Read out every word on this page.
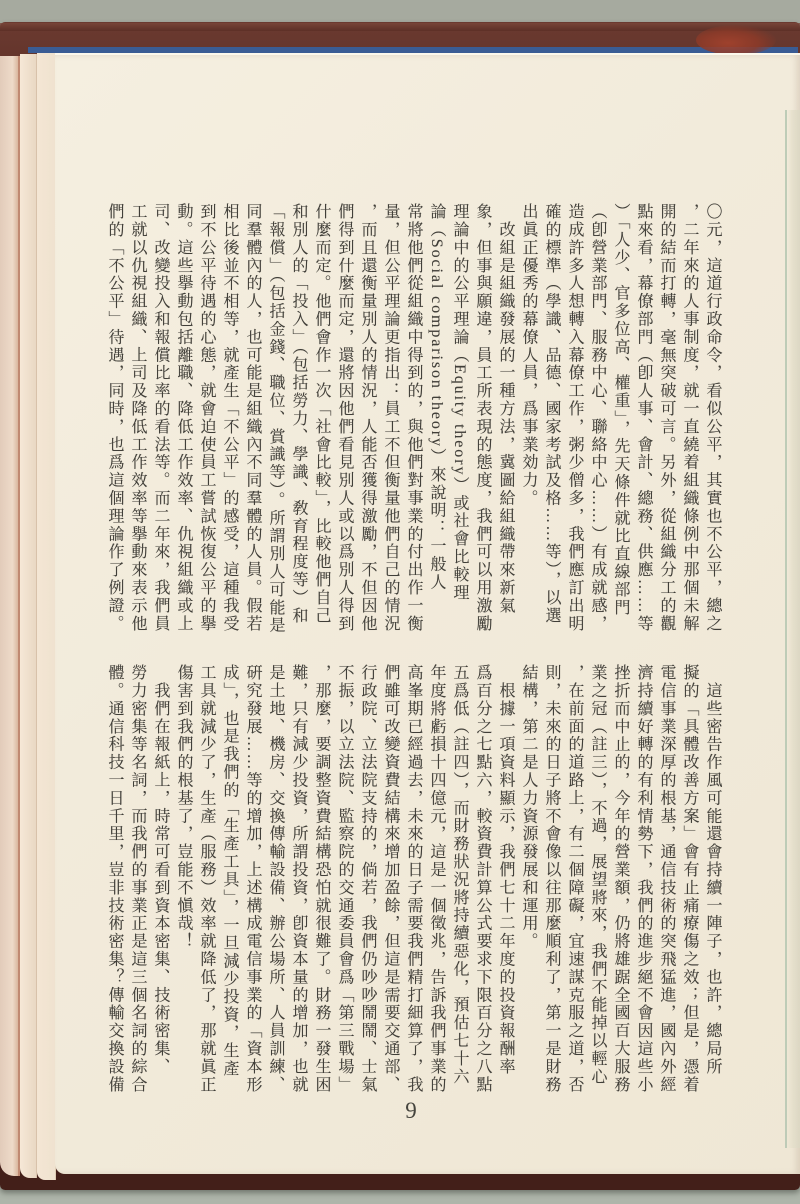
〇元，這道行政命令，看似公平，其實也不公平，總之
，二年來的人事制度，就一直繞着組織條例中那個未解
開的結而打轉，毫無突破可言。另外，從組織分工的觀
點來看，幕僚部門（卽人事、會計、總務、供應……等
）「人少、官多位高、權重」，先天條件就比直線部門
（卽營業部門、服務中心、聯絡中心……）有成就感，
造成許多人想轉入幕僚工作，粥少僧多，我們應訂出明
確的標準（學識、品德、國家考試及格……等），以選
出眞正優秀的幕僚人員，爲事業効力。
　改組是組織發展的一種方法，冀圖給組織帶來新氣
象，但事與願違，員工所表現的態度，我們可以用激勵
理論中的公平理論（Equity theory）或社會比較理
論（Social comparison theory）來說明：一般人
常將他們從組織中得到的，與他們對事業的付出作一衡
量，但公平理論更指出：員工不但衡量他們自己的情況
，而且還衡量別人的情況，人能否獲得激勵，不但因他
們得到什麼而定，還將因他們看見別人或以爲別人得到
什麼而定。他們會作一次「社會比較」，比較他們自己
和別人的「投入」（包括勞力、學識、敎育程度等）和
「報償」（包括金錢、職位、賞識等）。所謂別人可能是
同羣體內的人，也可能是組織內不同羣體的人員。假若
相比後並不相等，就產生「不公平」的感受，這種我受
到不公平待遇的心態，就會迫使員工嘗試恢復公平的擧
動。這些擧動包括離職、降低工作效率、仇視組織或上
司、改變投入和報償比率的看法等。而二年來，我們員
工就以仇視組織、上司及降低工作效率等擧動來表示他
們的「不公平」待遇，同時，也爲這個理論作了例證。
　這些密告作風可能還會持續一陣子，也許，總局所
擬的「具體改善方案」會有止痛療傷之效；但是，憑着
電信事業深厚的根基，通信技術的突飛猛進，國內外經
濟持續好轉的有利情勢下，我們的進步絕不會因這些小
挫折而中止的，今年的營業額，仍將雄踞全國百大服務
業之冠（註三），不過，展望將來，我們不能掉以輕心
，在前面的道路上，有二個障礙，宜速謀克服之道，否
則，未來的日子將不會像以往那麼順利了，第一是財務
結構，第二是人力資源發展和運用。
　根據一項資料顯示，我們七十二年度的投資報酬率
爲百分之七點六，較資費計算公式要求下限百分之八點
五爲低（註四），而財務狀況將持續惡化，預估七十六
年度將虧損十四億元，這是一個徵兆，告訴我們事業的
高峯期已經過去，未來的日子需要我們精打細算了，我
們雖可改變資費結構來增加盈餘，但這是需要交通部、
行政院、立法院支持的，倘若，我們仍吵吵鬧鬧、士氣
不振，以立法院、監察院的交通委員會爲「第三戰場」
，那麼，要調整資費結構恐怕就很難了。財務一發生困
難，只有減少投資，所謂投資，卽資本量的增加，也就
是土地、機房、交換傳輸設備、辦公場所、人員訓練、
硏究發展……等的增加，上述構成電信事業的「資本形
成」，也是我們的「生產工具」，一旦減少投資，生產
工具就減少了，生產（服務）效率就降低了，那就眞正
傷害到我們的根基了，豈能不愼哉！
　我們在報紙上，時常可看到資本密集、技術密集、
勞力密集等名詞，而我們的事業正是這三個名詞的綜合
體。通信科技一日千里，豈非技術密集？傳輸交換設備
9
